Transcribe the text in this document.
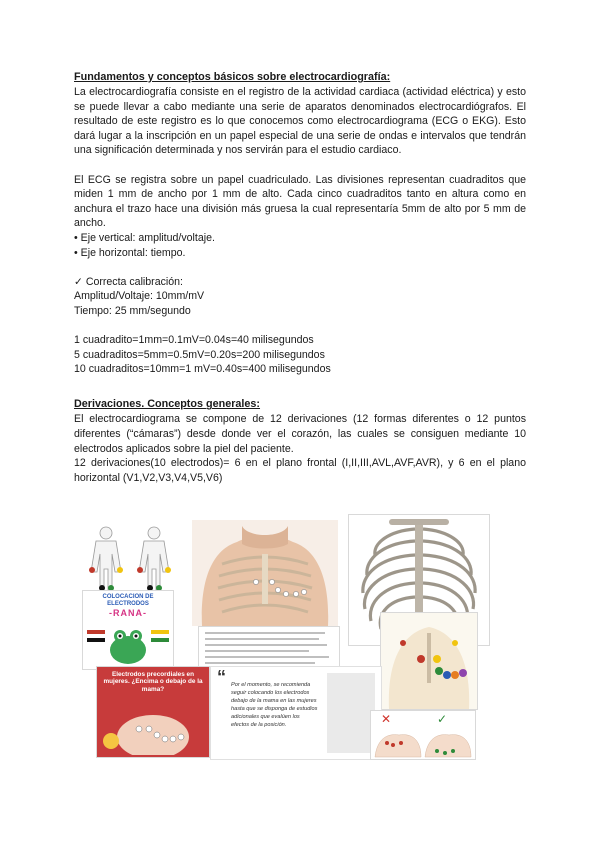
Fundamentos y conceptos básicos sobre electrocardiografía:

La electrocardiografía consiste en el registro de la actividad cardiaca (actividad eléctrica) y esto se puede llevar a cabo mediante una serie de aparatos denominados electrocardiógrafos. El resultado de este registro es lo que conocemos como electrocardiograma (ECG o EKG). Esto dará lugar a la inscripción en un papel especial de una serie de ondas e intervalos que tendrán una significación determinada y nos servirán para el estudio cardiaco.

El ECG se registra sobre un papel cuadriculado. Las divisiones representan cuadraditos que miden 1 mm de ancho por 1 mm de alto. Cada cinco cuadraditos tanto en altura como en anchura el trazo hace una división más gruesa la cual representaría 5mm de alto por 5 mm de ancho.

• Eje vertical: amplitud/voltaje.

• Eje horizontal: tiempo.

✓ Correcta calibración:

Amplitud/Voltaje: 10mm/mV

Tiempo: 25 mm/segundo

1 cuadradito=1mm=0.1mV=0.04s=40 milisegundos

5 cuadraditos=5mm=0.5mV=0.20s=200 milisegundos

10 cuadraditos=10mm=1 mV=0.40s=400 milisegundos

Derivaciones. Conceptos generales:

El electrocardiograma se compone de 12 derivaciones (12 formas diferentes o 12 puntos diferentes (“cámaras”) desde donde ver el corazón, las cuales se consiguen mediante 10 electrodos aplicados sobre la piel del paciente.

12 derivaciones(10 electrodos)= 6 en el plano frontal (I,II,III,AVL,AVF,AVR), y 6 en el plano horizontal (V1,V2,V3,V4,V5,V6)

COLOCACION DE ELECTRODOS
-RANA-
Electrodos precordiales en mujeres. ¿Encima o debajo de la mama?
“ Por el momento, se recomienda seguir colocando los electrodos debajo de la mama en las mujeres hasta que se disponga de estudios adicionales que evalúen los efectos de la posición.	✕	✓
